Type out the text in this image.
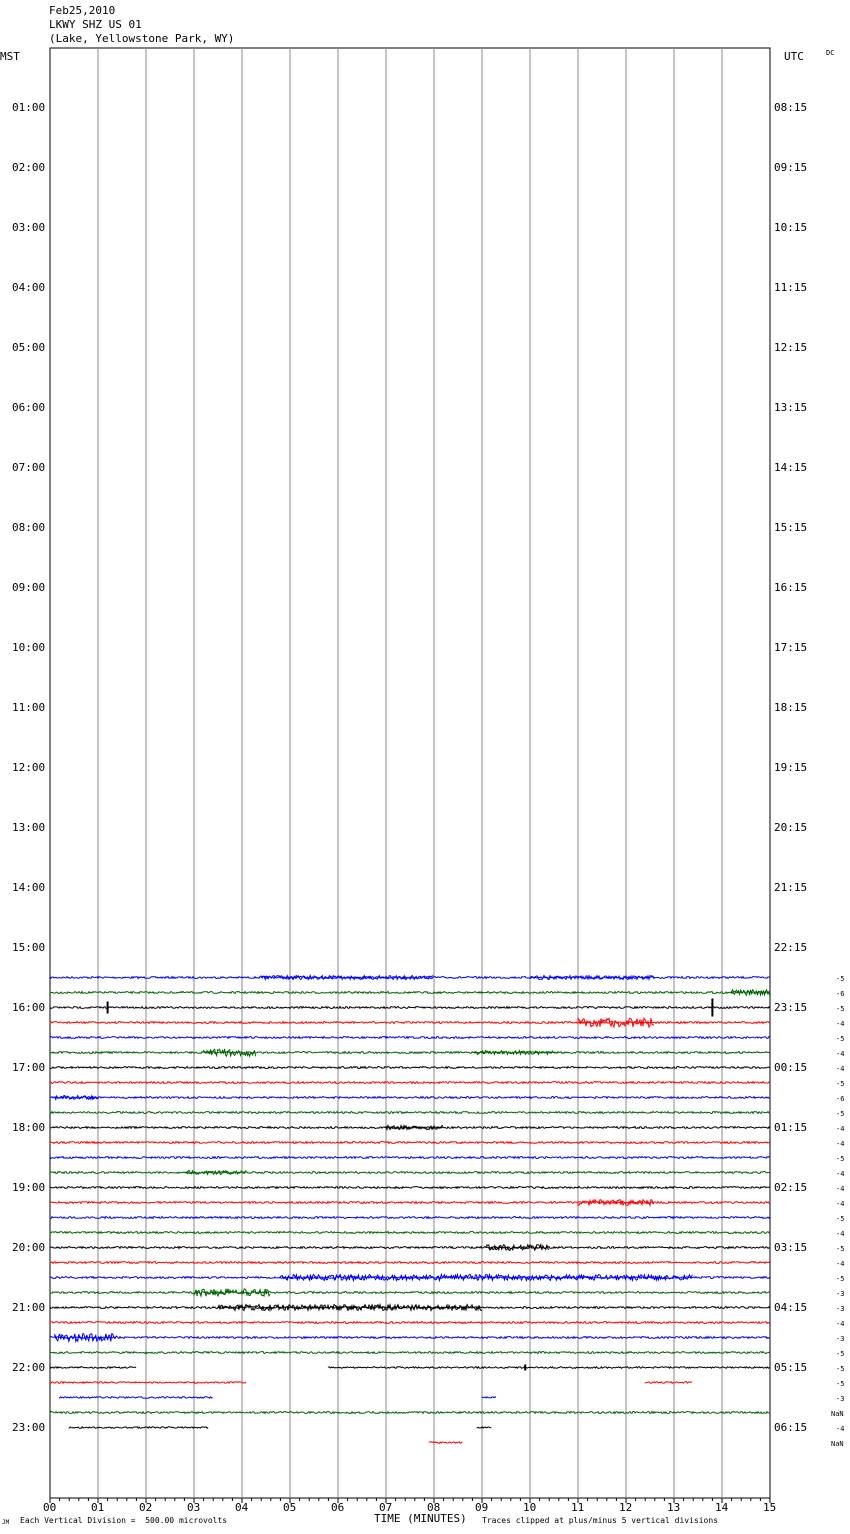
Feb25,2010
LKWY SHZ US 01
(Lake, Yellowstone Park, WY)
MST	UTC	DC
00	01	02	03	04	05	06	07	08	09	10	11	12	13	14	15
01:00	08:15
02:00	09:15
03:00	10:15
04:00	11:15
05:00	12:15
06:00	13:15
07:00	14:15
08:00	15:15
09:00	16:15
10:00	17:15
11:00	18:15
12:00	19:15
13:00	20:15
14:00	21:15
15:00	22:15
16:00	23:15
17:00	00:15
18:00	01:15
19:00	02:15
20:00	03:15
21:00	04:15
22:00	05:15
23:00	06:15
-5
-6
-5
-4
-5
-4
-4
-5
-6
-5
-4
-4
-5
-4
-4
-4
-5
-4
-5
-4
-5
-3
-3
-4
-3
-5
-5
-5
-3
NaN
-4
NaN
TIME (MINUTES)
Each Vertical Division =  500.00 microvolts	Traces clipped at plus/minus 5 vertical divisions
JM
